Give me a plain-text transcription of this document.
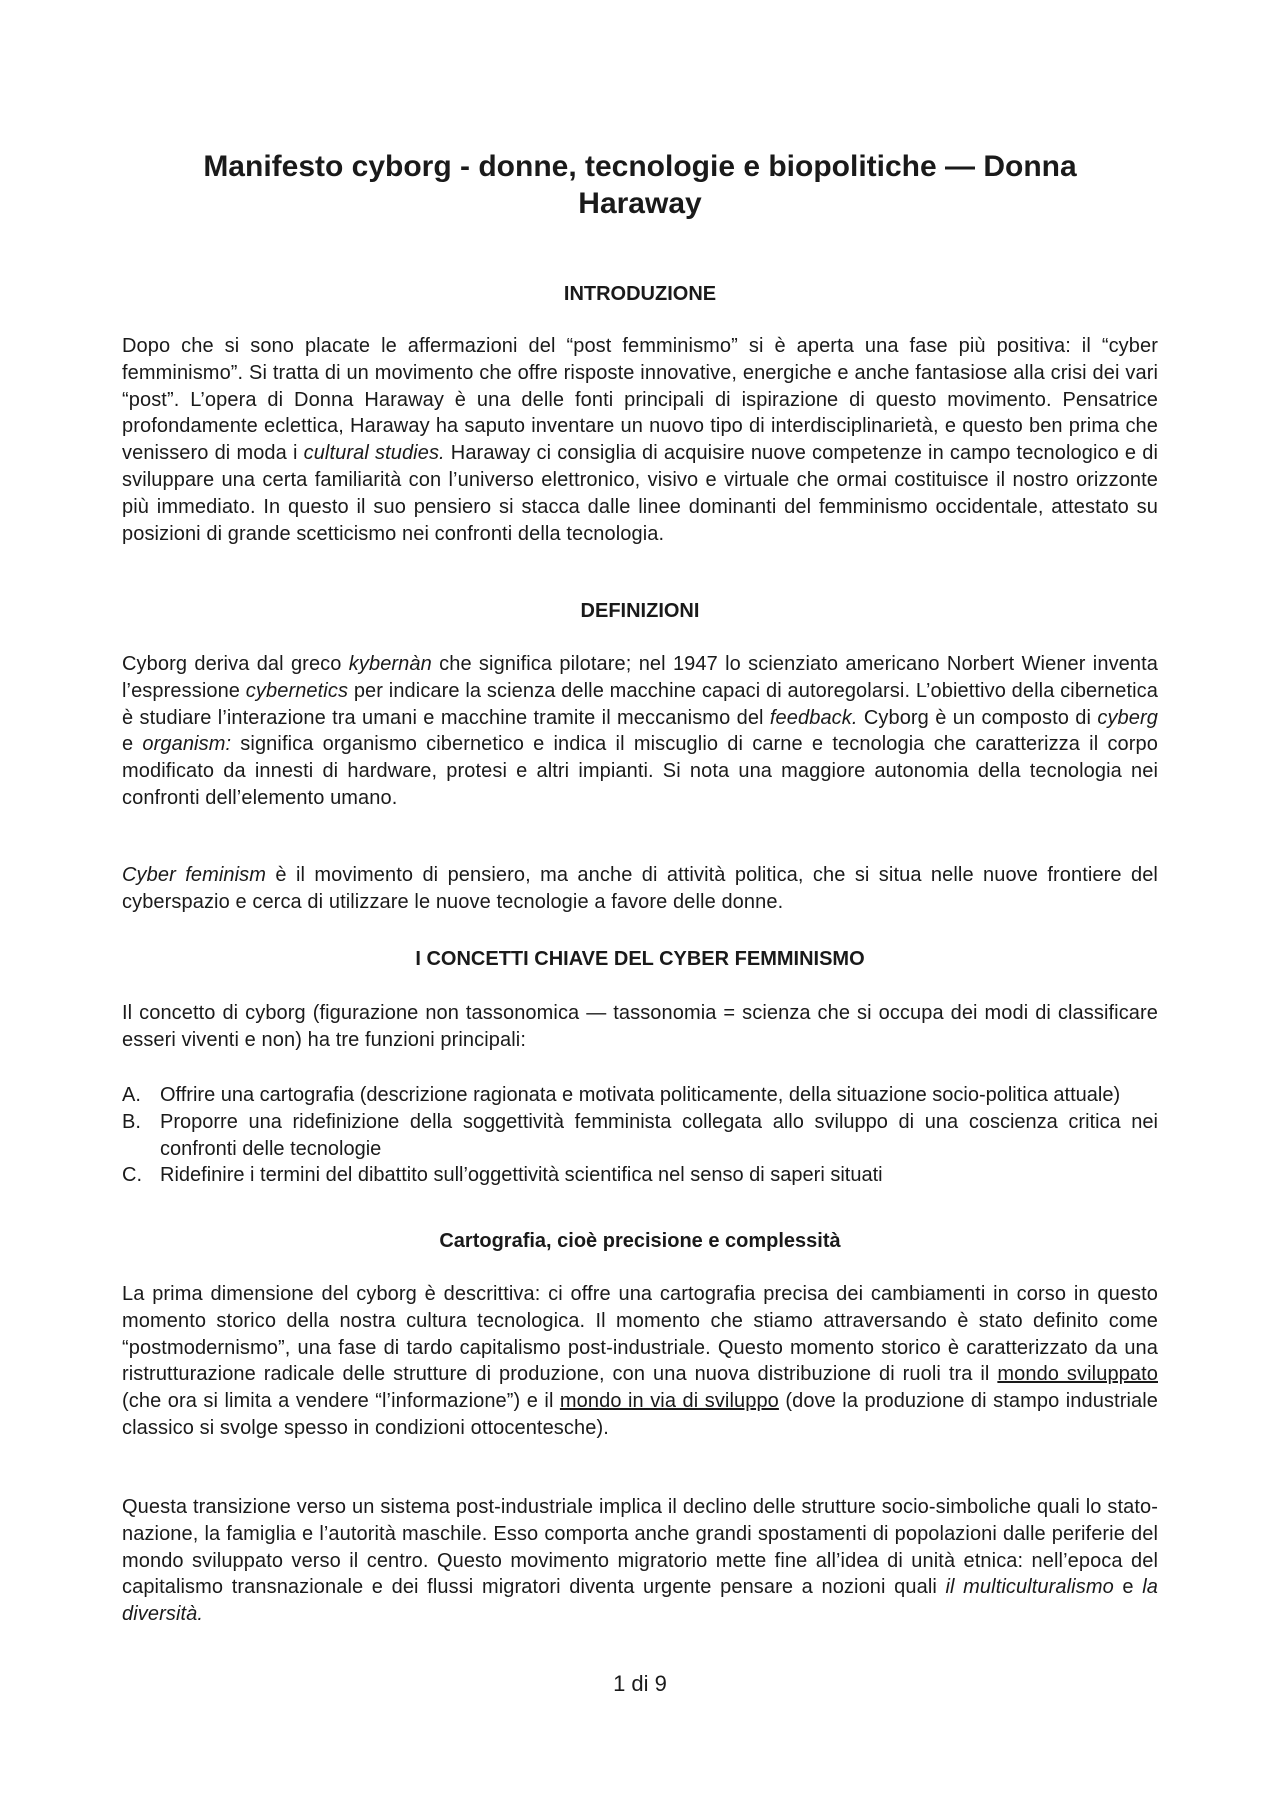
Manifesto cyborg - donne, tecnologie e biopolitiche — Donna Haraway
INTRODUZIONE

Dopo che si sono placate le affermazioni del “post femminismo” si è aperta una fase più positiva: il “cyber femminismo”. Si tratta di un movimento che offre risposte innovative, energiche e anche fantasiose alla crisi dei vari “post”. L’opera di Donna Haraway è una delle fonti principali di ispirazione di questo movimento. Pensatrice profondamente eclettica, Haraway ha saputo inventare un nuovo tipo di interdisciplinarietà, e questo ben prima che venissero di moda i cultural studies. Haraway ci consiglia di acquisire nuove competenze in campo tecnologico e di sviluppare una certa familiarità con l’universo elettronico, visivo e virtuale che ormai costituisce il nostro orizzonte più immediato. In questo il suo pensiero si stacca dalle linee dominanti del femminismo occidentale, attestato su posizioni di grande scetticismo nei confronti della tecnologia.

DEFINIZIONI

Cyborg deriva dal greco kybernàn che significa pilotare; nel 1947 lo scienziato americano Norbert Wiener inventa l’espressione cybernetics per indicare la scienza delle macchine capaci di autoregolarsi. L’obiettivo della cibernetica è studiare l’interazione tra umani e macchine tramite il meccanismo del feedback. Cyborg è un composto di cyberg e organism: significa organismo cibernetico e indica il miscuglio di carne e tecnologia che caratterizza il corpo modificato da innesti di hardware, protesi e altri impianti. Si nota una maggiore autonomia della tecnologia nei confronti dell’elemento umano.

Cyber feminism è il movimento di pensiero, ma anche di attività politica, che si situa nelle nuove frontiere del cyberspazio e cerca di utilizzare le nuove tecnologie a favore delle donne.

I CONCETTI CHIAVE DEL CYBER FEMMINISMO

Il concetto di cyborg (figurazione non tassonomica — tassonomia = scienza che si occupa dei modi di classificare esseri viventi e non) ha tre funzioni principali:

A. Offrire una cartografia (descrizione ragionata e motivata politicamente, della situazione socio-politica attuale)
B. Proporre una ridefinizione della soggettività femminista collegata allo sviluppo di una coscienza critica nei confronti delle tecnologie
C. Ridefinire i termini del dibattito sull’oggettività scientifica nel senso di saperi situati
Cartografia, cioè precisione e complessità

La prima dimensione del cyborg è descrittiva: ci offre una cartografia precisa dei cambiamenti in corso in questo momento storico della nostra cultura tecnologica. Il momento che stiamo attraversando è stato definito come “postmodernismo”, una fase di tardo capitalismo post-industriale. Questo momento storico è caratterizzato da una ristrutturazione radicale delle strutture di produzione, con una nuova distribuzione di ruoli tra il mondo sviluppato (che ora si limita a vendere “l’informazione”) e il mondo in via di sviluppo (dove la produzione di stampo industriale classico si svolge spesso in condizioni ottocentesche).

Questa transizione verso un sistema post-industriale implica il declino delle strutture socio-simboliche quali lo stato-nazione, la famiglia e l’autorità maschile. Esso comporta anche grandi spostamenti di popolazioni dalle periferie del mondo sviluppato verso il centro. Questo movimento migratorio mette fine all’idea di unità etnica: nell’epoca del capitalismo transnazionale e dei flussi migratori diventa urgente pensare a nozioni quali il multiculturalismo e la diversità.

1 di 9
